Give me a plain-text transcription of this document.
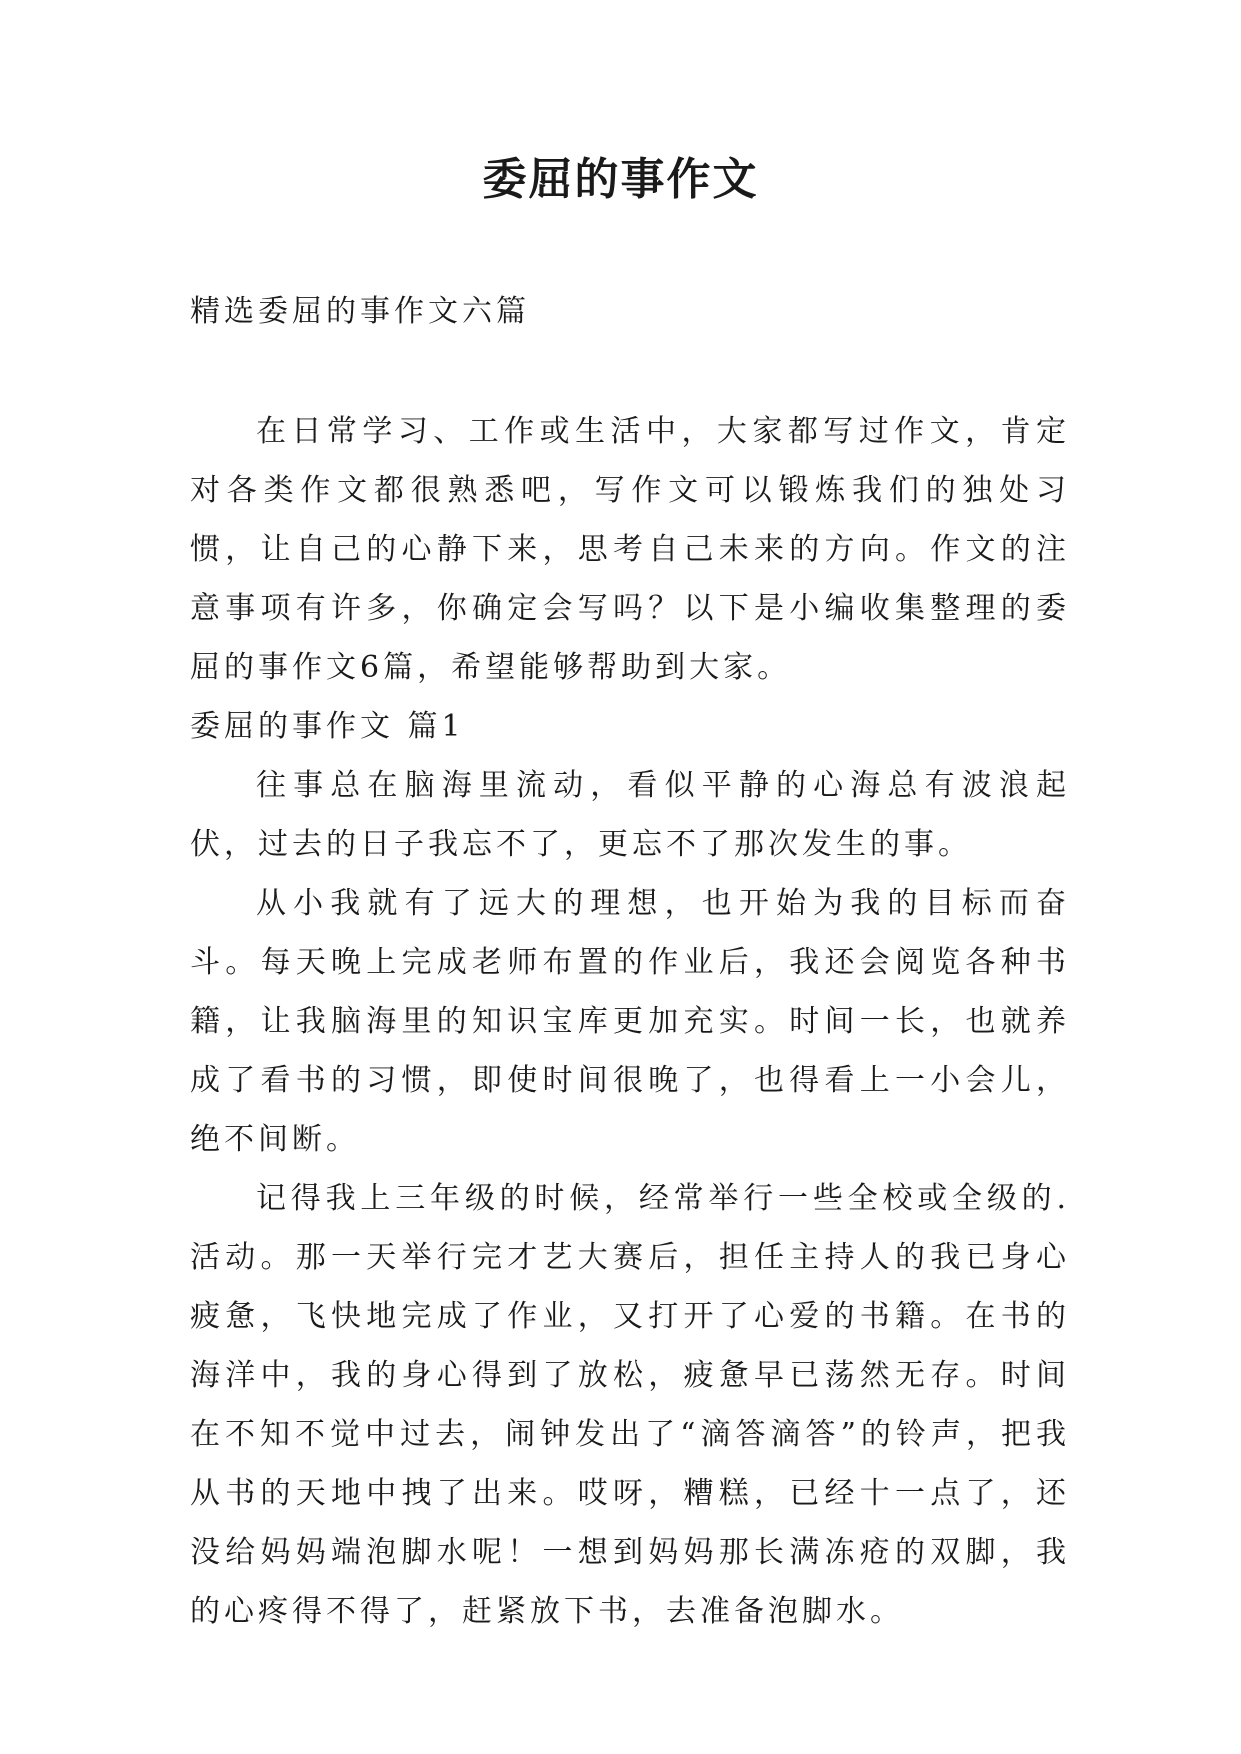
委屈的事作文

精选委屈的事作文六篇

在日常学习、工作或生活中，大家都写过作文，肯定对各类作文都很熟悉吧，写作文可以锻炼我们的独处习惯，让自己的心静下来，思考自己未来的方向。作文的注意事项有许多，你确定会写吗？以下是小编收集整理的委屈的事作文6篇，希望能够帮助到大家。

委屈的事作文 篇1

往事总在脑海里流动，看似平静的心海总有波浪起伏，过去的日子我忘不了，更忘不了那次发生的事。

从小我就有了远大的理想，也开始为我的目标而奋斗。每天晚上完成老师布置的作业后，我还会阅览各种书籍，让我脑海里的知识宝库更加充实。时间一长，也就养成了看书的习惯，即使时间很晚了，也得看上一小会儿，绝不间断。

记得我上三年级的时候，经常举行一些全校或全级的.活动。那一天举行完才艺大赛后，担任主持人的我已身心疲惫，飞快地完成了作业，又打开了心爱的书籍。在书的海洋中，我的身心得到了放松，疲惫早已荡然无存。时间在不知不觉中过去，闹钟发出了“滴答滴答”的铃声，把我从书的天地中拽了出来。哎呀，糟糕，已经十一点了，还没给妈妈端泡脚水呢！一想到妈妈那长满冻疮的双脚，我的心疼得不得了，赶紧放下书，去准备泡脚水。
